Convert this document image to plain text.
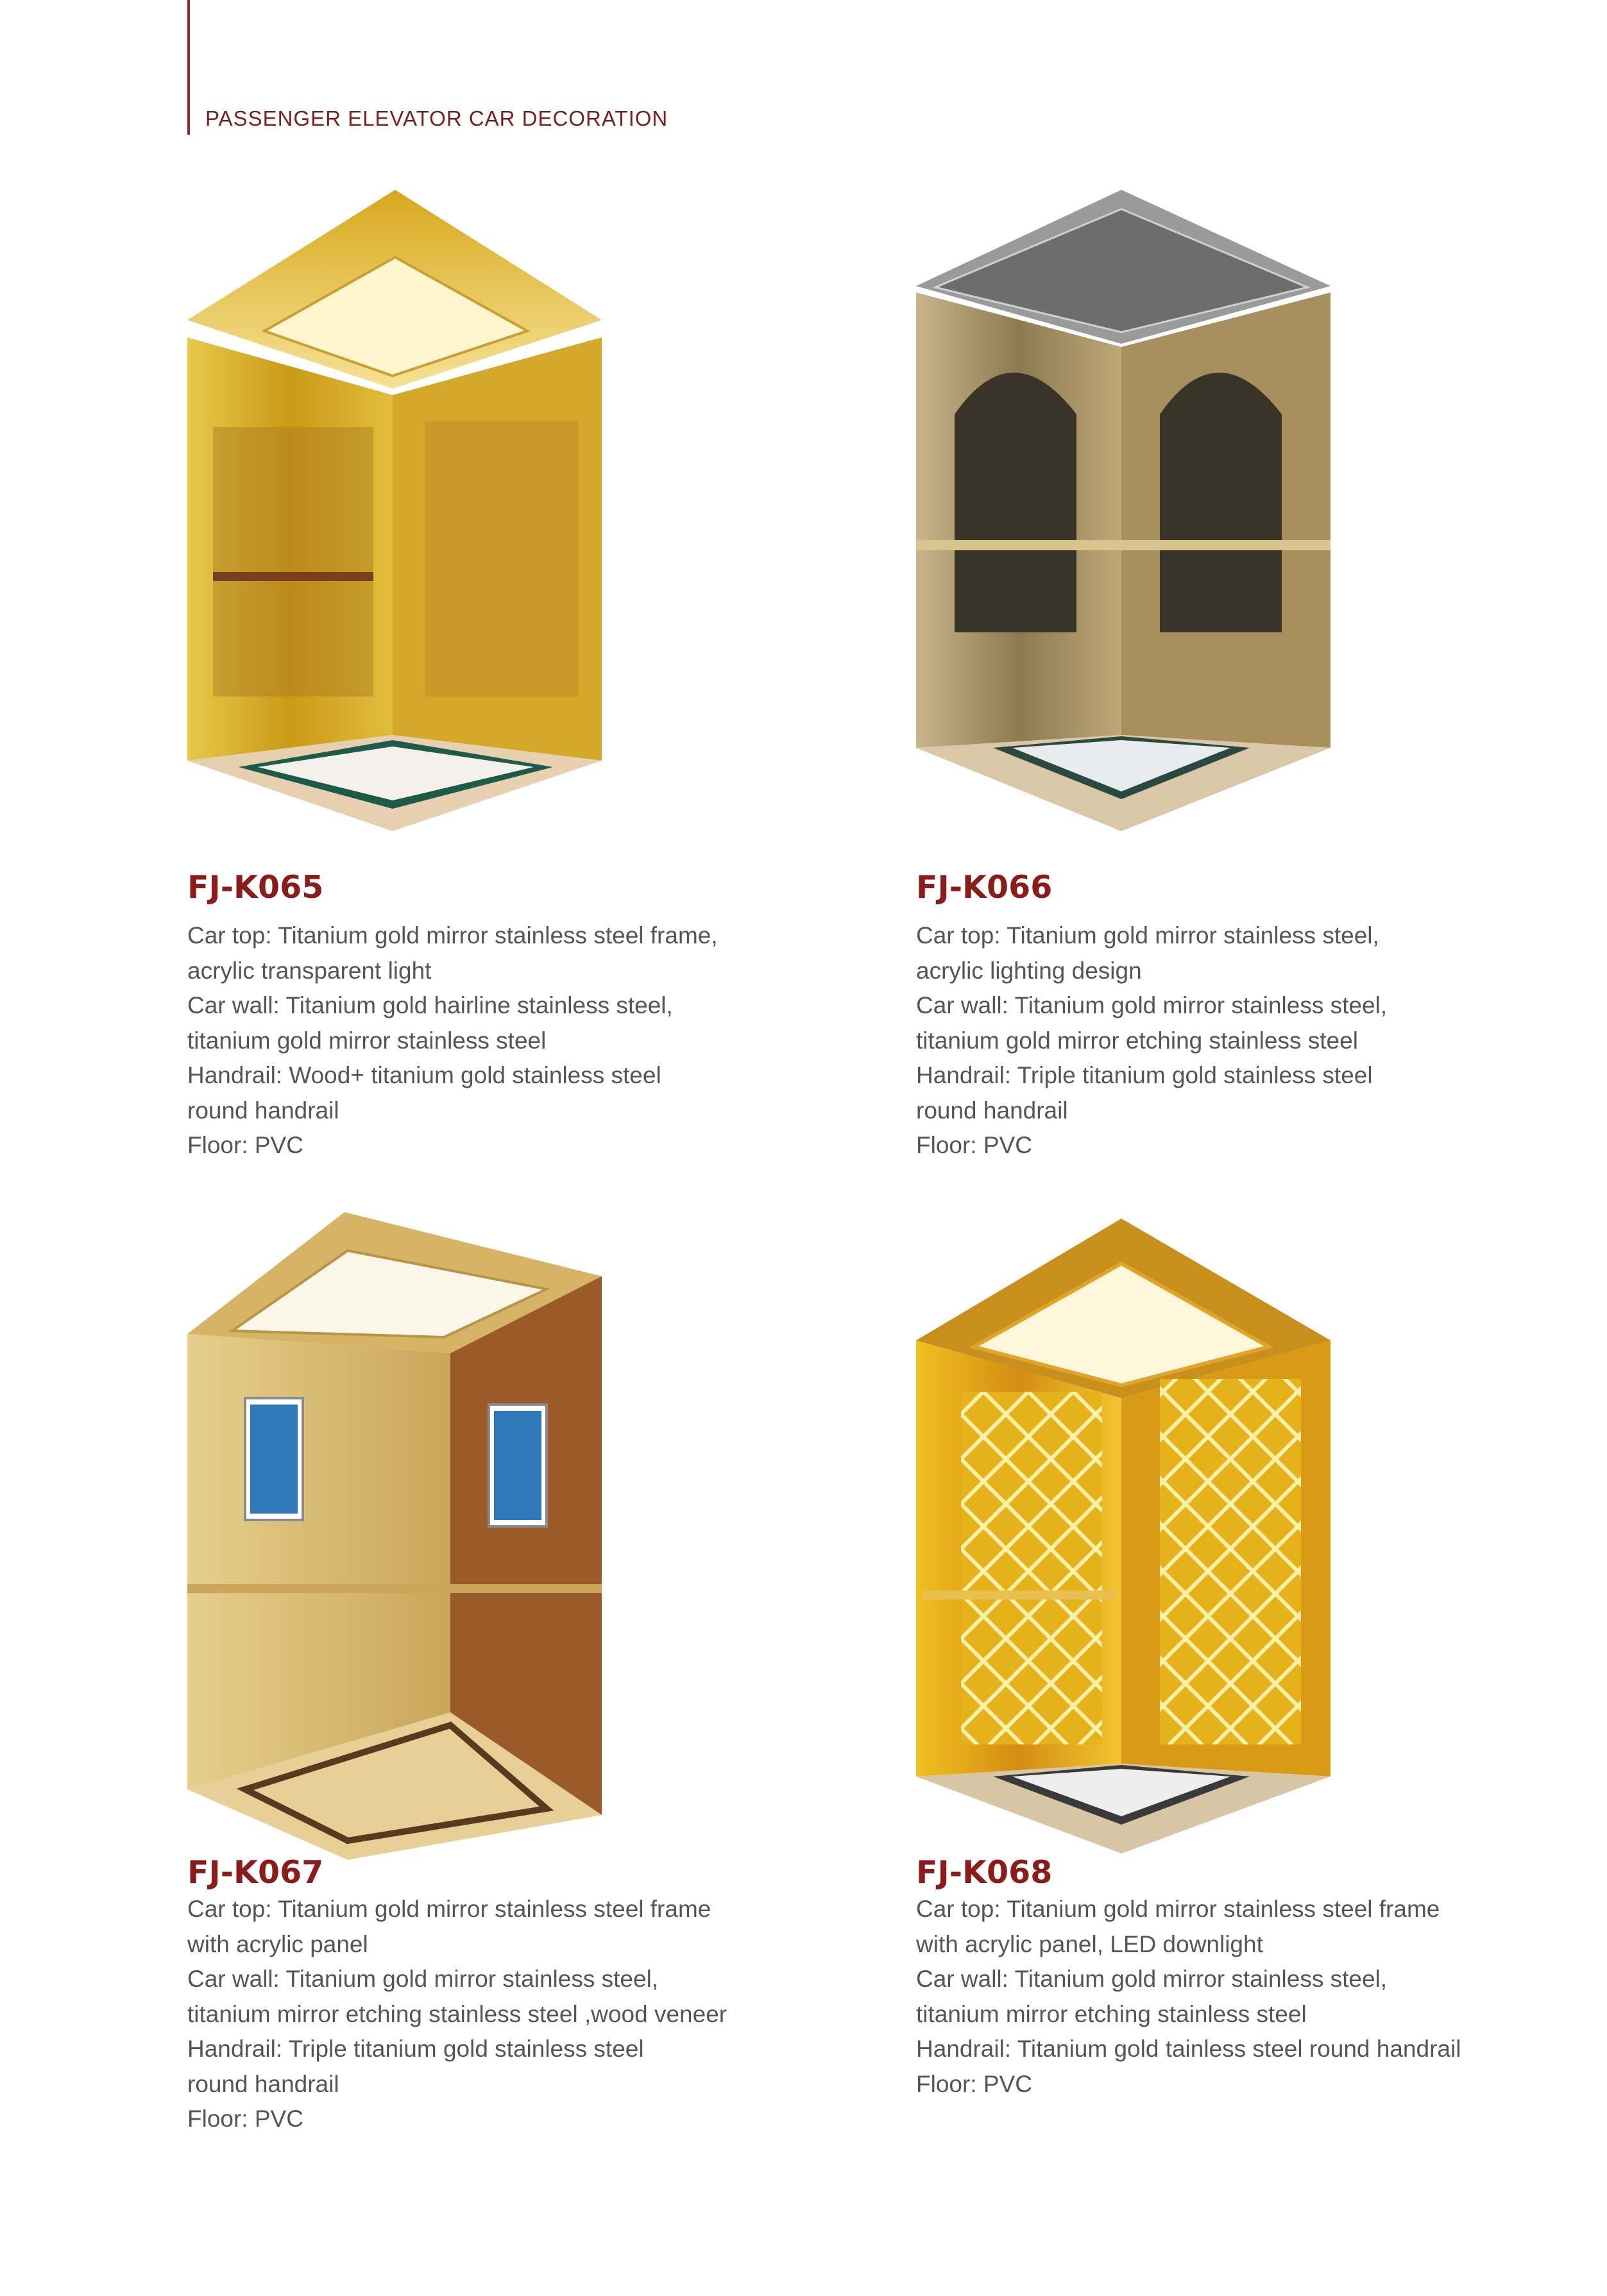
PASSENGER ELEVATOR CAR DECORATION
FJ-K065
Car top: Titanium gold mirror stainless steel frame,
acrylic transparent light
Car wall: Titanium gold hairline stainless steel,
titanium gold mirror stainless steel
Handrail: Wood+ titanium gold stainless steel
round handrail
Floor: PVC
FJ-K066
Car top: Titanium gold mirror stainless steel,
acrylic lighting design
Car wall: Titanium gold mirror stainless steel,
titanium gold mirror etching stainless steel
Handrail: Triple titanium gold stainless steel
round handrail
Floor: PVC
FJ-K067
Car top: Titanium gold mirror stainless steel frame
with acrylic panel
Car wall: Titanium gold mirror stainless steel,
titanium mirror etching stainless steel ,wood veneer
Handrail: Triple titanium gold stainless steel
round handrail
Floor: PVC
FJ-K068
Car top: Titanium gold mirror stainless steel frame
with acrylic panel, LED downlight
Car wall: Titanium gold mirror stainless steel,
titanium mirror etching stainless steel
Handrail: Titanium gold tainless steel round handrail
Floor: PVC
